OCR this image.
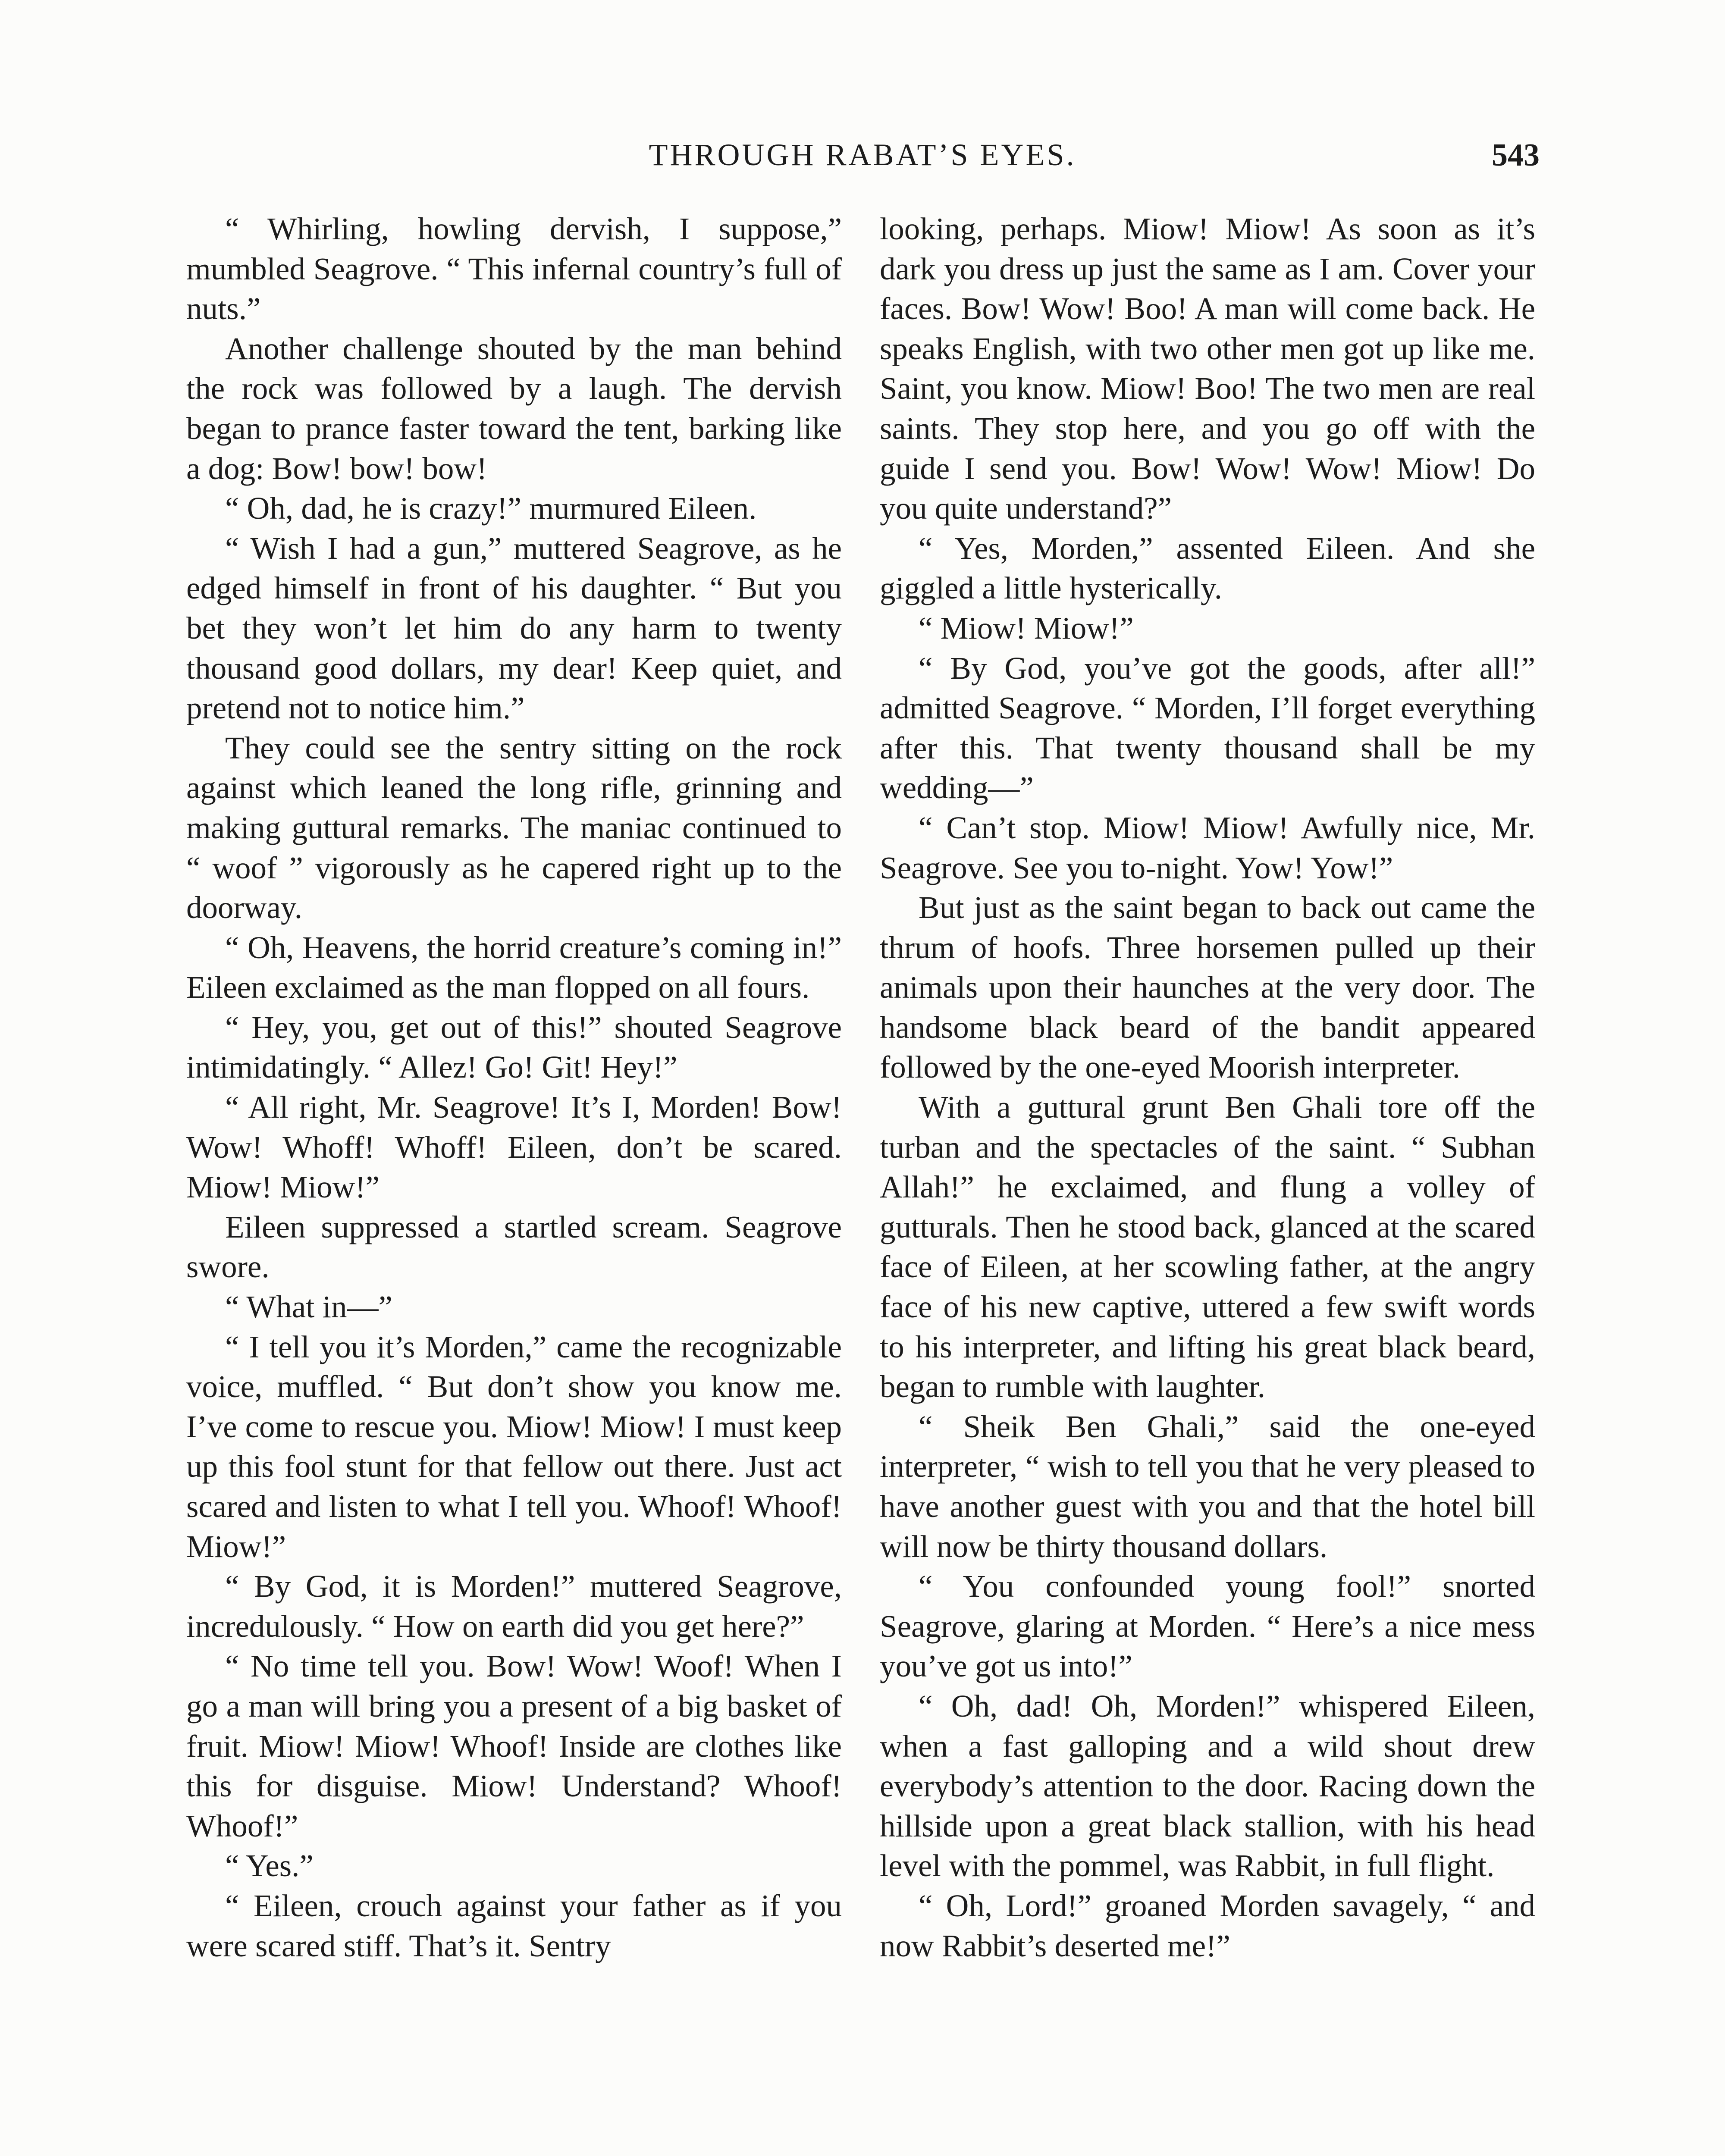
THROUGH RABAT’S EYES.	543

“ Whirling, howling dervish, I suppose,” mumbled Seagrove. “ This infernal country’s full of nuts.”

Another challenge shouted by the man behind the rock was followed by a laugh. The dervish began to prance faster toward the tent, barking like a dog: Bow! bow! bow!

“ Oh, dad, he is crazy!” murmured Eileen.

“ Wish I had a gun,” muttered Seagrove, as he edged himself in front of his daughter. “ But you bet they won’t let him do any harm to twenty thousand good dollars, my dear! Keep quiet, and pretend not to notice him.”

They could see the sentry sitting on the rock against which leaned the long rifle, grinning and making guttural remarks. The maniac continued to “ woof ” vigorously as he capered right up to the doorway.

“ Oh, Heavens, the horrid creature’s coming in!” Eileen exclaimed as the man flopped on all fours.

“ Hey, you, get out of this!” shouted Seagrove intimidatingly. “ Allez! Go! Git! Hey!”

“ All right, Mr. Seagrove! It’s I, Morden! Bow! Wow! Whoff! Whoff! Eileen, don’t be scared. Miow! Miow!”

Eileen suppressed a startled scream. Seagrove swore.

“ What in—”

“ I tell you it’s Morden,” came the recognizable voice, muffled. “ But don’t show you know me. I’ve come to rescue you. Miow! Miow! I must keep up this fool stunt for that fellow out there. Just act scared and listen to what I tell you. Whoof! Whoof! Miow!”

“ By God, it is Morden!” muttered Seagrove, incredulously. “ How on earth did you get here?”

“ No time tell you. Bow! Wow! Woof! When I go a man will bring you a present of a big basket of fruit. Miow! Miow! Whoof! Inside are clothes like this for disguise. Miow! Understand? Whoof! Whoof!”

“ Yes.”

“ Eileen, crouch against your father as if you were scared stiff. That’s it. Sentry

looking, perhaps. Miow! Miow! As soon as it’s dark you dress up just the same as I am. Cover your faces. Bow! Wow! Boo! A man will come back. He speaks English, with two other men got up like me. Saint, you know. Miow! Boo! The two men are real saints. They stop here, and you go off with the guide I send you. Bow! Wow! Wow! Miow! Do you quite understand?”

“ Yes, Morden,” assented Eileen. And she giggled a little hysterically.

“ Miow! Miow!”

“ By God, you’ve got the goods, after all!” admitted Seagrove. “ Morden, I’ll forget everything after this. That twenty thousand shall be my wedding—”

“ Can’t stop. Miow! Miow! Awfully nice, Mr. Seagrove. See you to-night. Yow! Yow!”

But just as the saint began to back out came the thrum of hoofs. Three horsemen pulled up their animals upon their haunches at the very door. The handsome black beard of the bandit appeared followed by the one-eyed Moorish interpreter.

With a guttural grunt Ben Ghali tore off the turban and the spectacles of the saint. “ Subhan Allah!” he exclaimed, and flung a volley of gutturals. Then he stood back, glanced at the scared face of Eileen, at her scowling father, at the angry face of his new captive, uttered a few swift words to his interpreter, and lifting his great black beard, began to rumble with laughter.

“ Sheik Ben Ghali,” said the one-eyed interpreter, “ wish to tell you that he very pleased to have another guest with you and that the hotel bill will now be thirty thousand dollars.

“ You confounded young fool!” snorted Seagrove, glaring at Morden. “ Here’s a nice mess you’ve got us into!”

“ Oh, dad! Oh, Morden!” whispered Eileen, when a fast galloping and a wild shout drew everybody’s attention to the door. Racing down the hillside upon a great black stallion, with his head level with the pommel, was Rabbit, in full flight.

“ Oh, Lord!” groaned Morden savagely, “ and now Rabbit’s deserted me!”
